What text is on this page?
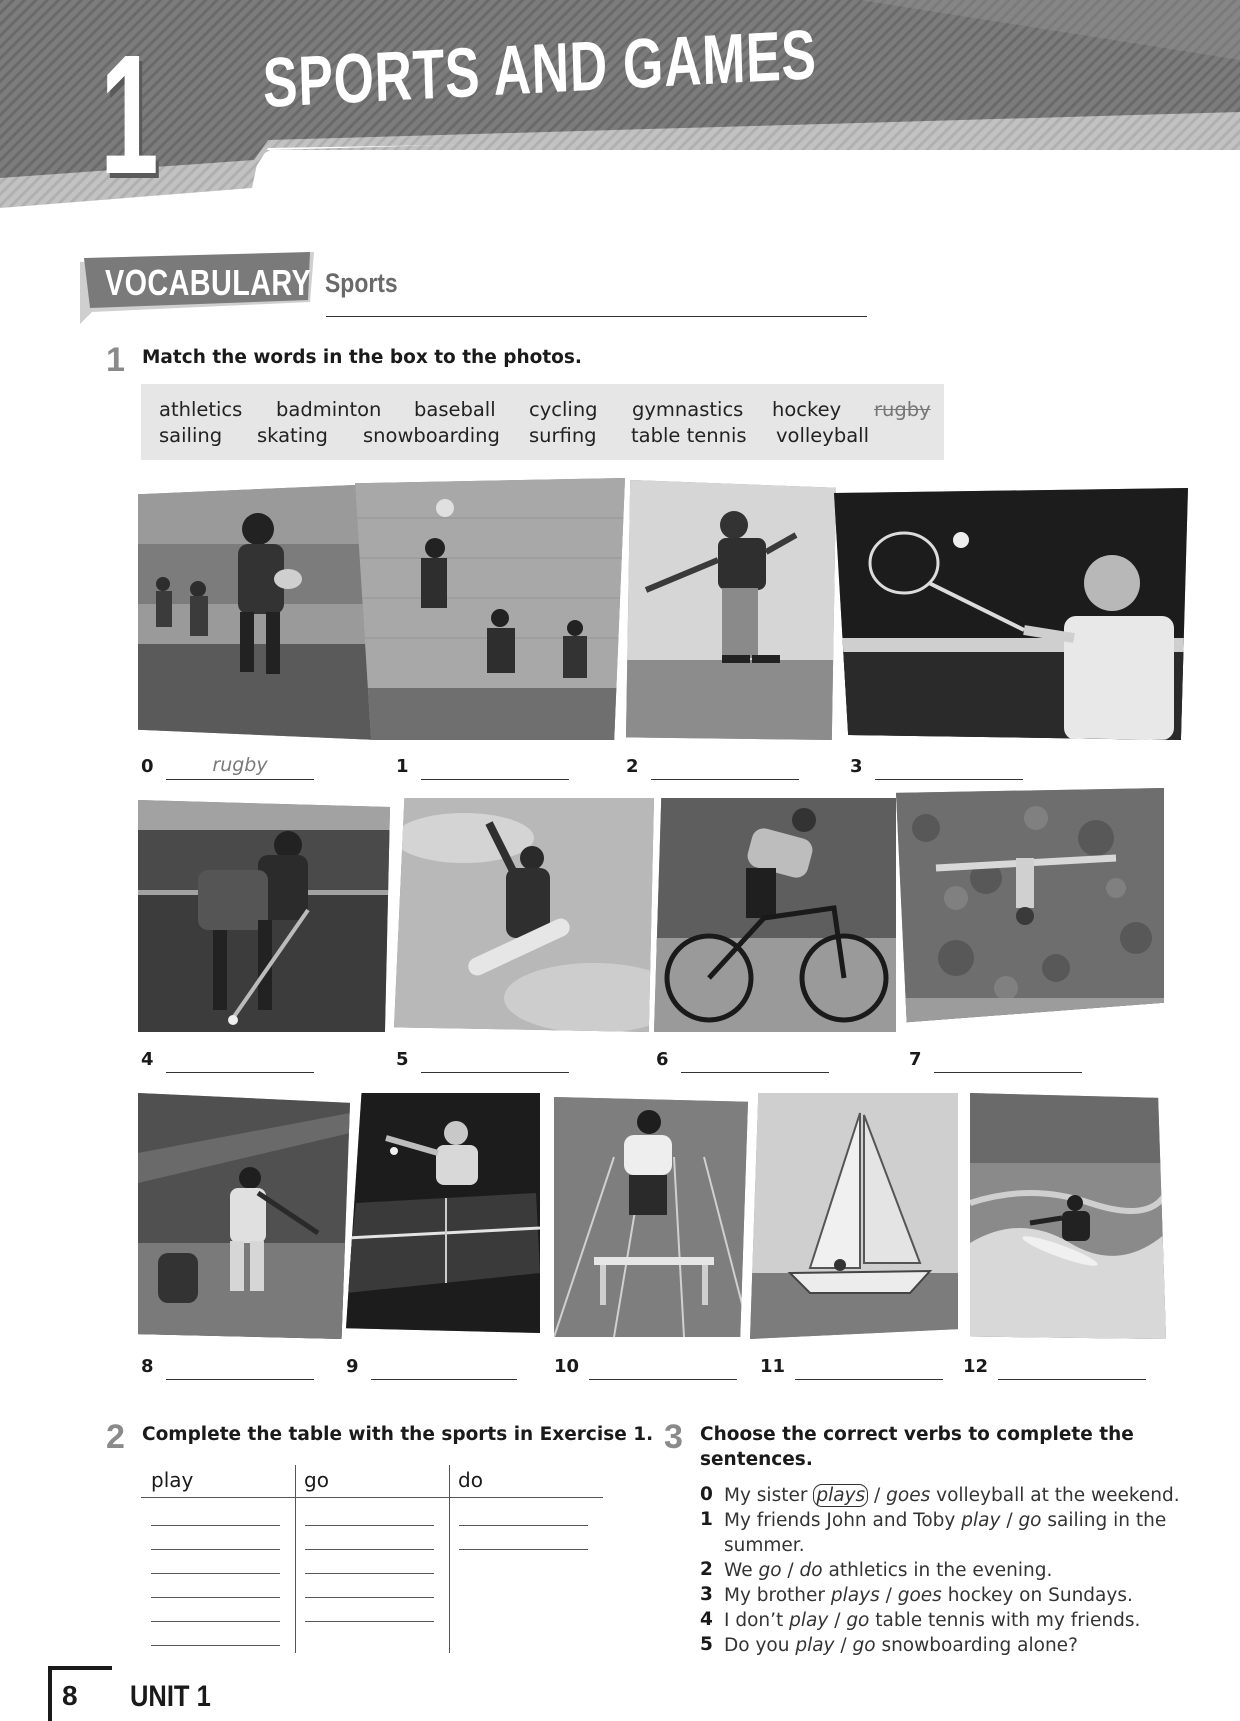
1 SPORTS AND GAMES
VOCABULARY Sports
1 Match the words in the box to the photos.
athletics badminton baseball cycling gymnastics hockey rugby
sailing skating snowboarding surfing table tennis volleyball
0	rugby	1	2	3
4	5	6	7
8	9	10	11	12
2 Complete the table with the sports in Exercise 1.
play	go	do
3 Choose the correct verbs to complete the
sentences.
0 My sister plays / goes volleyball at the weekend.
1 My friends John and Toby play / go sailing in the
summer.
2 We go / do athletics in the evening.
3 My brother plays / goes hockey on Sundays.
4 I don’t play / go table tennis with my friends.
5 Do you play / go snowboarding alone?
8 UNIT 1
